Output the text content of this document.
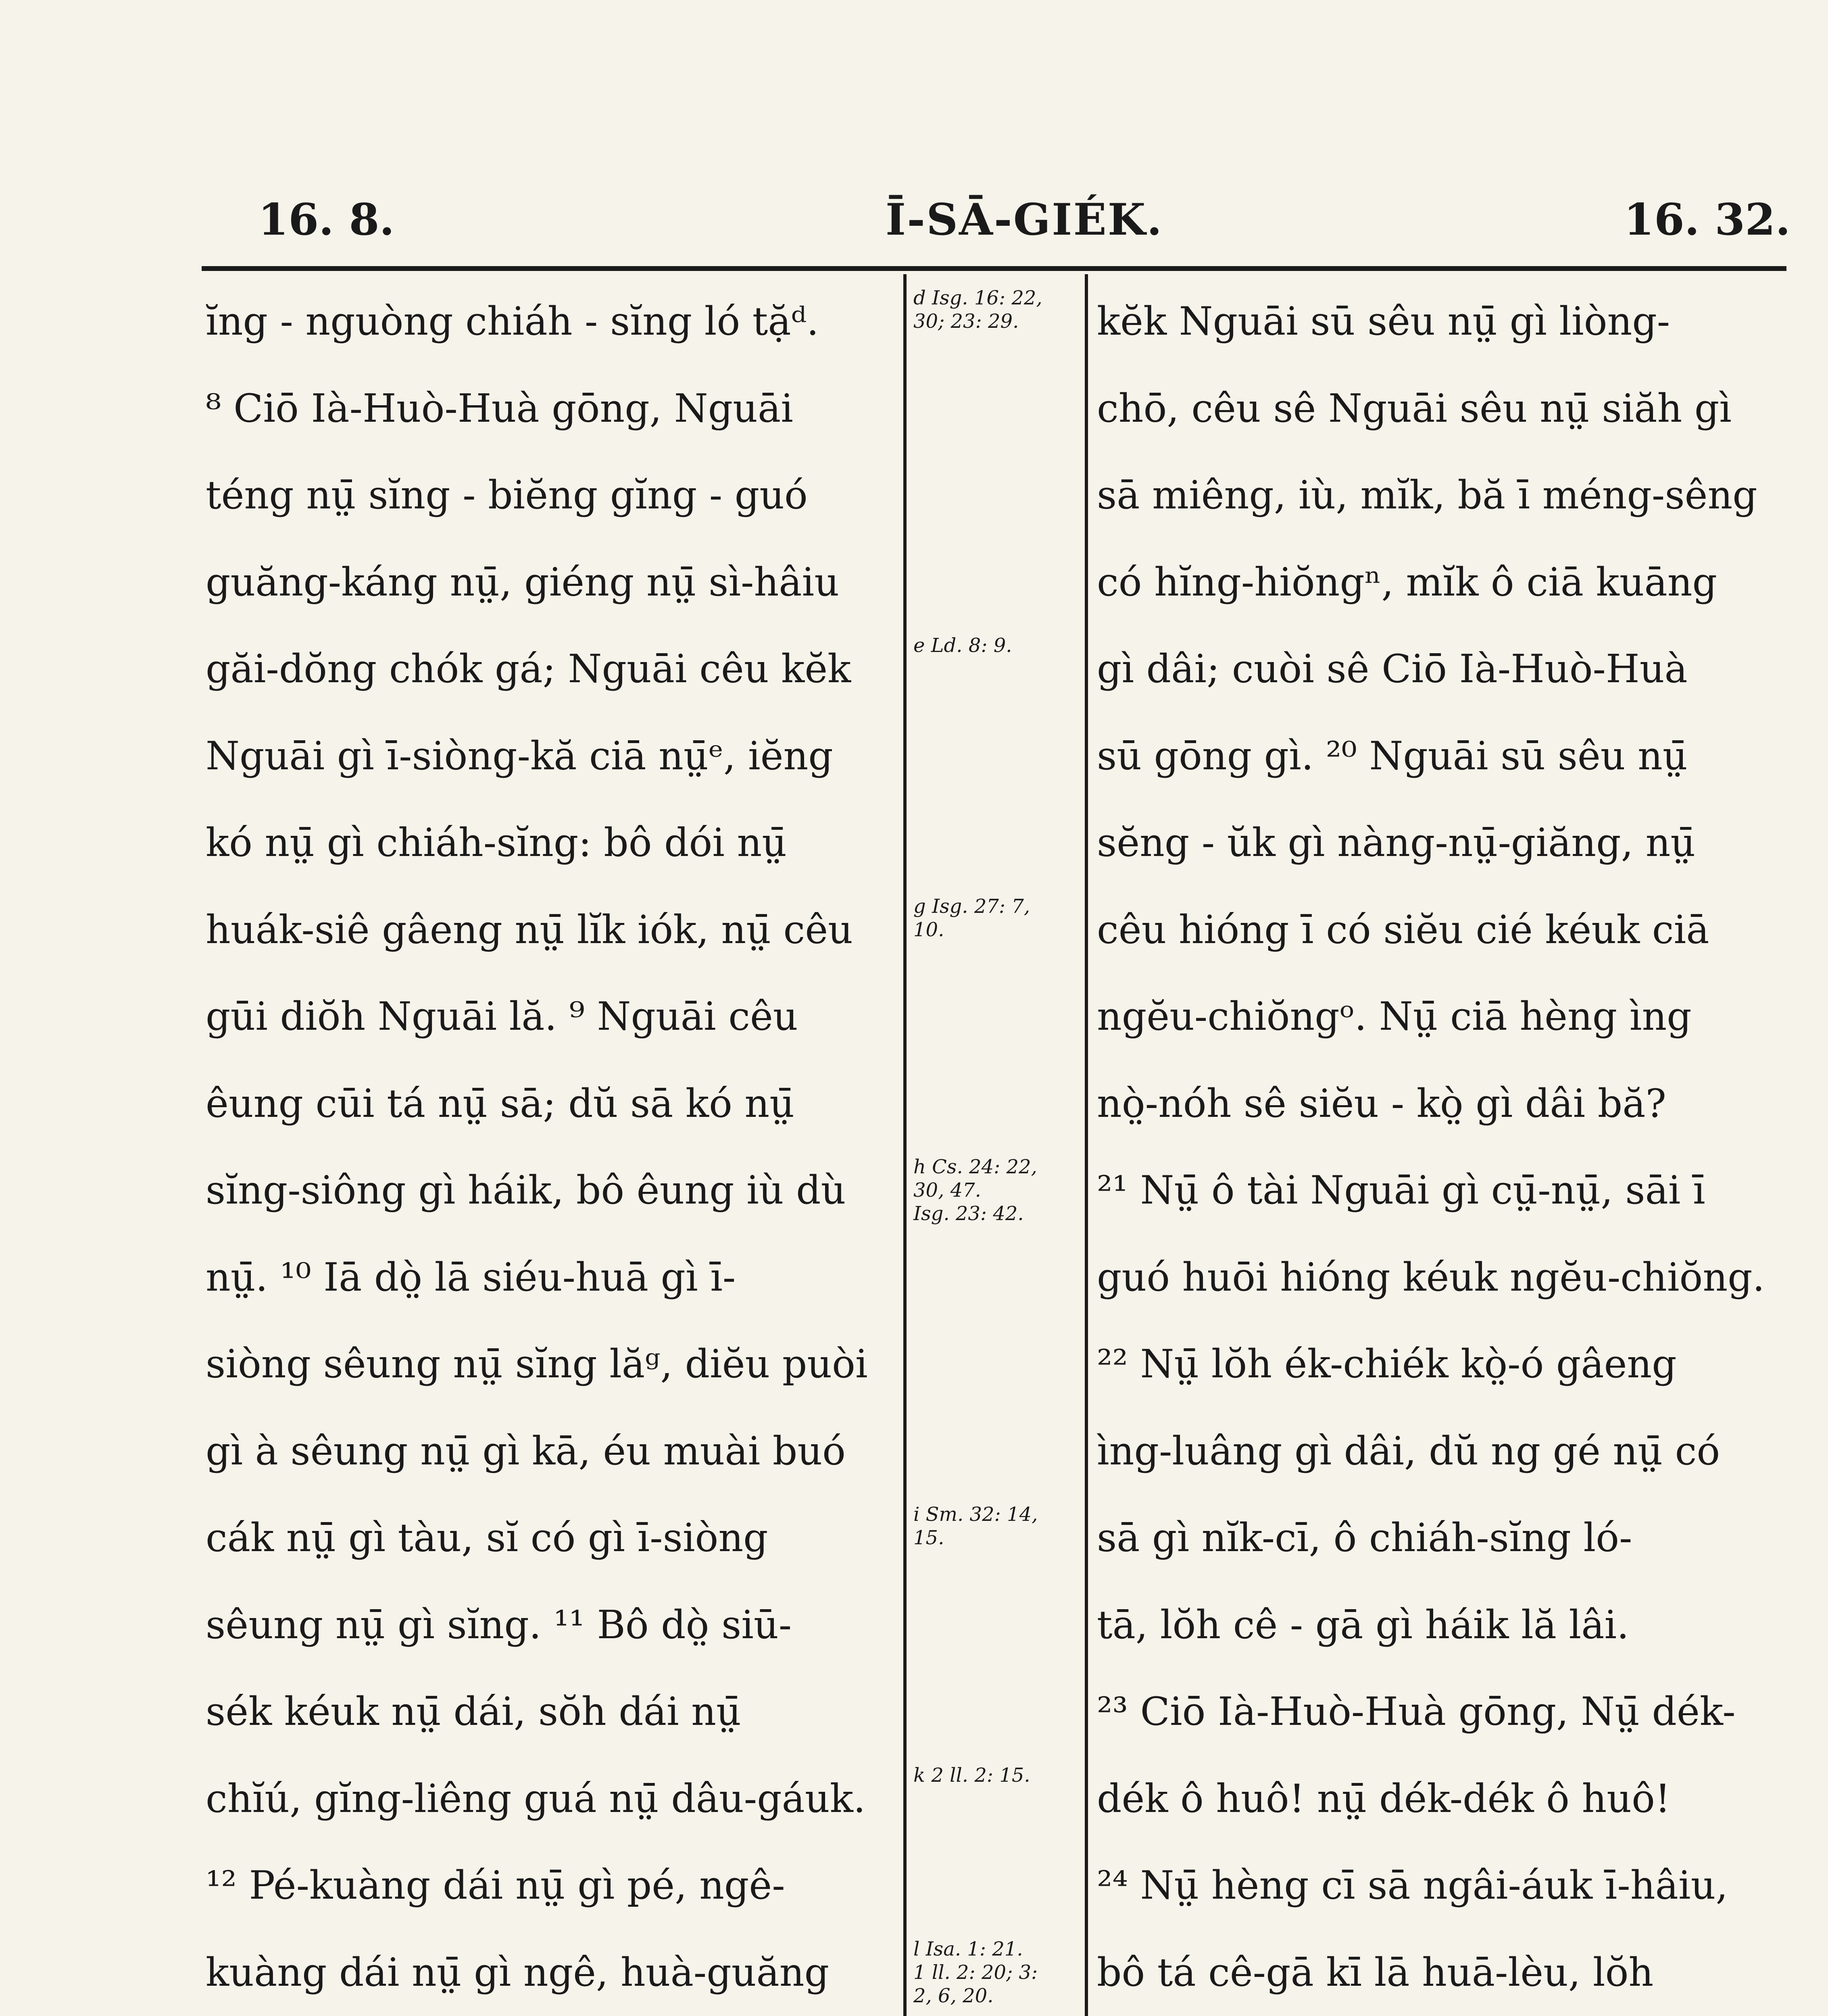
16. 8.	Ī-SĀ-GIÉK.	16. 32.
ĭng - nguòng chiáh - sĭng ló tặᵈ.
⁸ Ciō Ià-Huò-Huà gōng, Nguāi
téng nṳ̄ sĭng - biĕng gĭng - guó
guăng-káng nṳ̄, giéng nṳ̄ sì-hâiu
găi-dŏng chók gá; Nguāi cêu kĕk
Nguāi gì ī-siòng-kă ciā nṳ̄ᵉ, iĕng
kó nṳ̄ gì chiáh-sĭng: bô dói nṳ̄
huák-siê gâeng nṳ̄ lĭk iók, nṳ̄ cêu
gūi diŏh Nguāi lă. ⁹ Nguāi cêu
êung cūi tá nṳ̄ sā; dŭ sā kó nṳ̄
sĭng-siông gì háik, bô êung iù dù
nṳ̄. ¹⁰ Iā dò̤ lā siéu-huā gì ī-
siòng sêung nṳ̄ sĭng lăᵍ, diĕu puòi
gì à sêung nṳ̄ gì kā, éu muài buó
cák nṳ̄ gì tàu, sĭ có gì ī-siòng
sêung nṳ̄ gì sĭng. ¹¹ Bô dò̤ siū-
sék kéuk nṳ̄ dái, sŏh dái nṳ̄
chĭú, gĭng-liêng guá nṳ̄ dâu-gáuk.
¹² Pé-kuàng dái nṳ̄ gì pé, ngê-
kuàng dái nṳ̄ gì ngê, huà-guăng
d Isg. 16: 22,
30; 23: 29.
e Ld. 8: 9.
g Isg. 27: 7,
10.
h Cs. 24: 22,
30, 47.
Isg. 23: 42.
i Sm. 32: 14,
15.
k 2 ll. 2: 15.
l Isa. 1: 21.
1 ll. 2: 20; 3:
2, 6, 20.
kĕk Nguāi sū sêu nṳ̄ gì liòng-
chō, cêu sê Nguāi sêu nṳ̄ siăh gì
sā miêng, iù, mĭk, bă ī méng-sêng
có hĭng-hiŏngⁿ, mĭk ô ciā kuāng
gì dâi; cuòi sê Ciō Ià-Huò-Huà
sū gōng gì. ²⁰ Nguāi sū sêu nṳ̄
sĕng - ŭk gì nàng-nṳ̄-giăng, nṳ̄
cêu hióng ī có siĕu cié kéuk ciā
ngĕu-chiŏngᵒ. Nṳ̄ ciā hèng ìng
nò̤-nóh sê siĕu - kò̤ gì dâi bă?
²¹ Nṳ̄ ô tài Nguāi gì cṳ̄-nṳ̄, sāi ī
guó huōi hióng kéuk ngĕu-chiŏng.
²² Nṳ̄ lŏh ék-chiék kò̤-ó gâeng
ìng-luâng gì dâi, dŭ ng gé nṳ̄ có
sā gì nĭk-cī, ô chiáh-sĭng ló-
tā, lŏh cê - gā gì háik lă lâi.
²³ Ciō Ià-Huò-Huà gōng, Nṳ̄ dék-
dék ô huô! nṳ̄ dék-dék ô huô!
²⁴ Nṳ̄ hèng cī sā ngâi-áuk ī-hâiu,
bô tá cê-gā kī lā huā-lèu, lŏh
